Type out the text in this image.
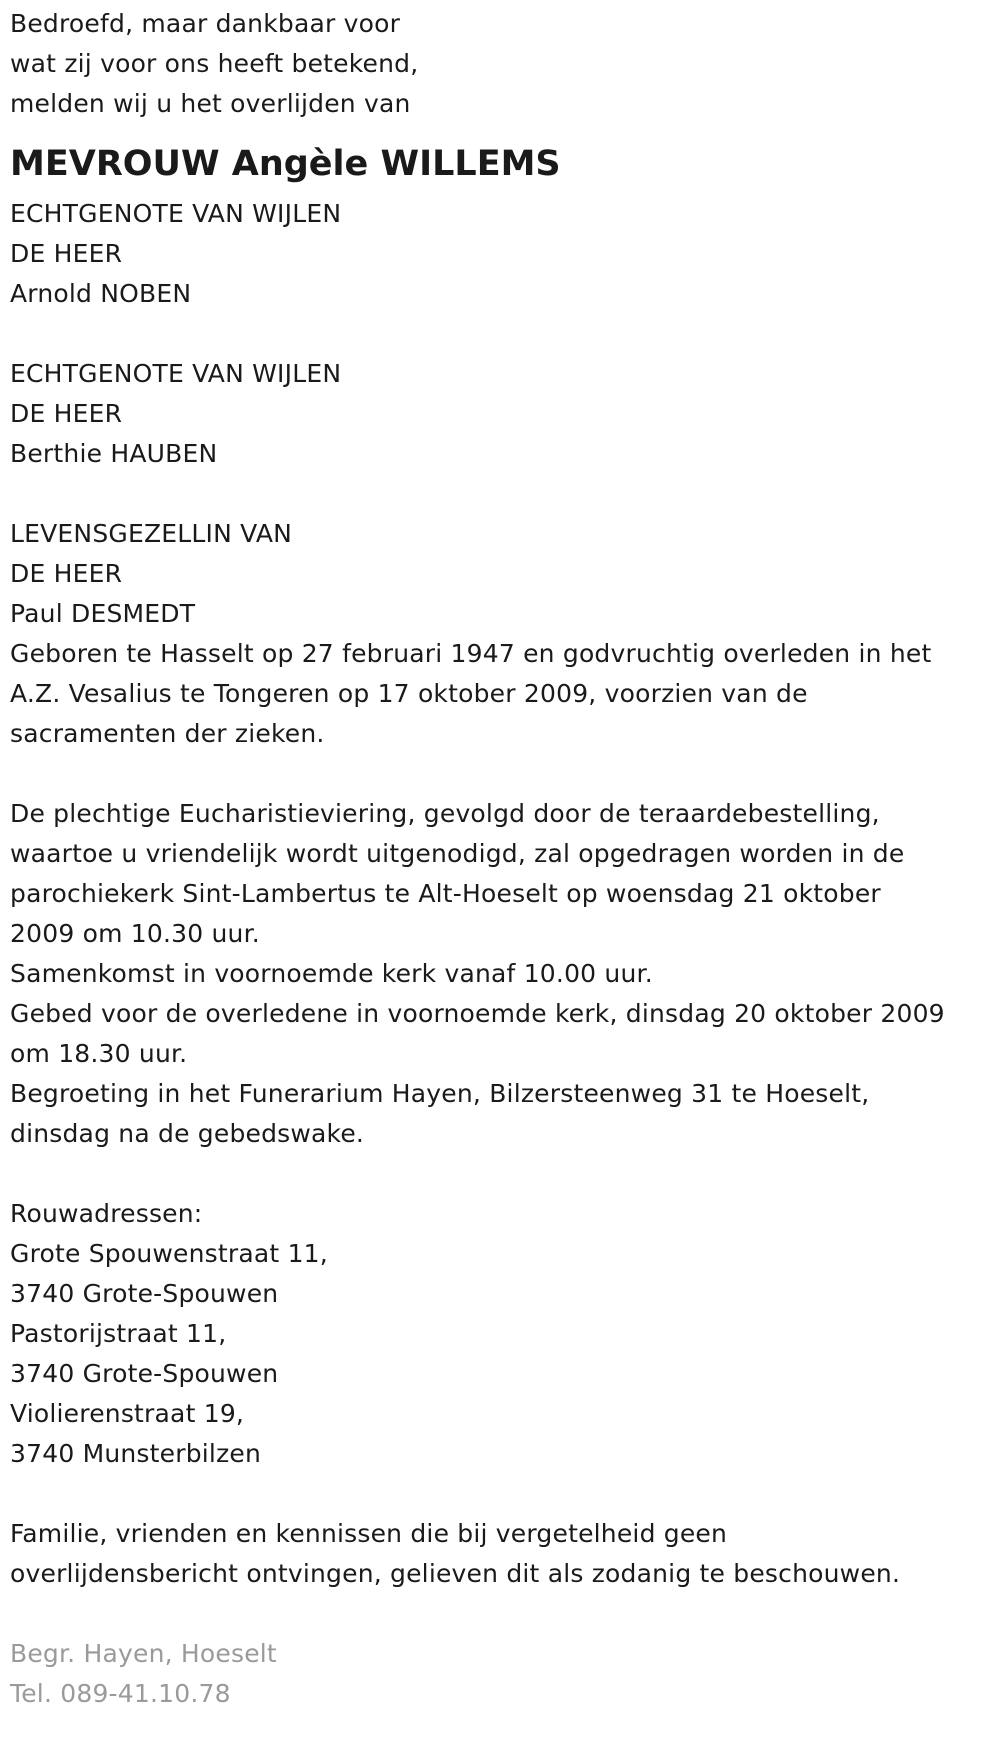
Bedroefd, maar dankbaar voor
wat zij voor ons heeft betekend,
melden wij u het overlijden van
MEVROUW Angèle WILLEMS
ECHTGENOTE VAN WIJLEN
DE HEER
Arnold NOBEN
ECHTGENOTE VAN WIJLEN
DE HEER
Berthie HAUBEN
LEVENSGEZELLIN VAN
DE HEER
Paul DESMEDT
Geboren te Hasselt op 27 februari 1947 en godvruchtig overleden in het
A.Z. Vesalius te Tongeren op 17 oktober 2009, voorzien van de
sacramenten der zieken.
De plechtige Eucharistieviering, gevolgd door de teraardebestelling,
waartoe u vriendelijk wordt uitgenodigd, zal opgedragen worden in de
parochiekerk Sint-Lambertus te Alt-Hoeselt op woensdag 21 oktober
2009 om 10.30 uur.
Samenkomst in voornoemde kerk vanaf 10.00 uur.
Gebed voor de overledene in voornoemde kerk, dinsdag 20 oktober 2009
om 18.30 uur.
Begroeting in het Funerarium Hayen, Bilzersteenweg 31 te Hoeselt,
dinsdag na de gebedswake.
Rouwadressen:
Grote Spouwenstraat 11,
3740 Grote-Spouwen
Pastorijstraat 11,
3740 Grote-Spouwen
Violierenstraat 19,
3740 Munsterbilzen
Familie, vrienden en kennissen die bij vergetelheid geen
overlijdensbericht ontvingen, gelieven dit als zodanig te beschouwen.
Begr. Hayen, Hoeselt
Tel. 089-41.10.78
